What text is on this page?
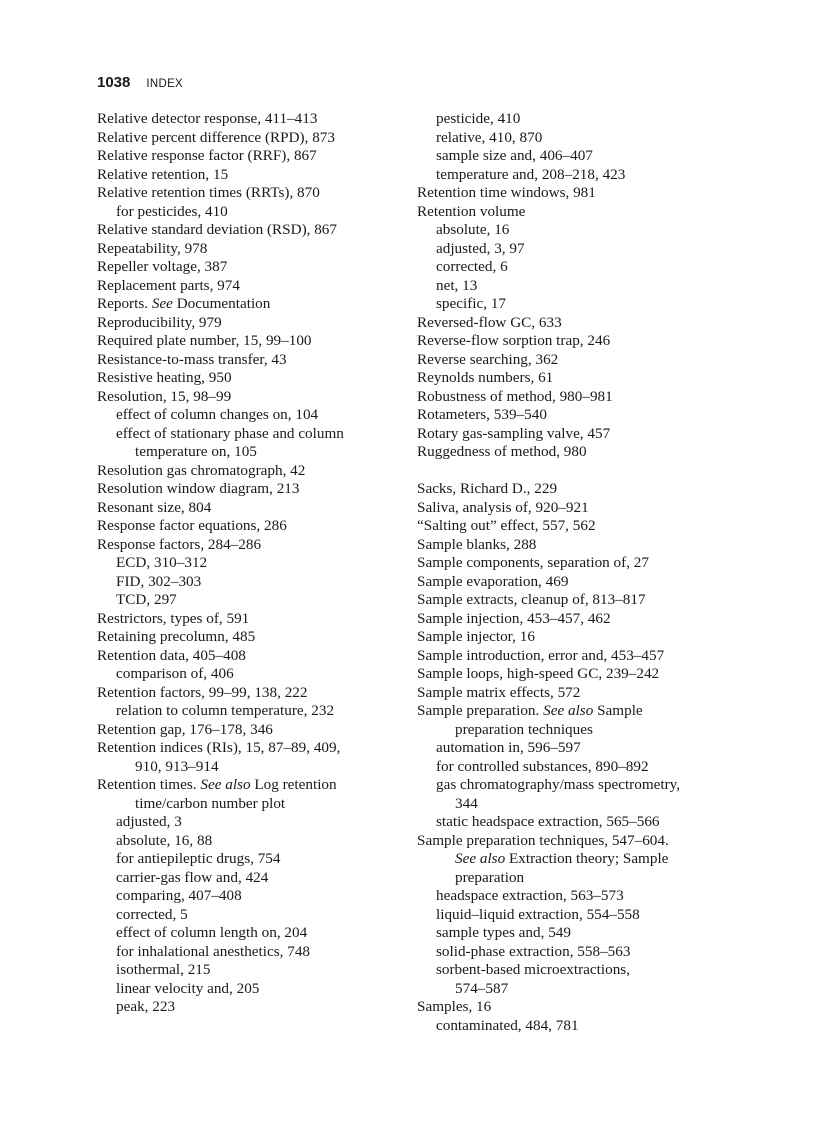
1038 INDEX
Relative detector response, 411–413
Relative percent difference (RPD), 873
Relative response factor (RRF), 867
Relative retention, 15
Relative retention times (RRTs), 870
for pesticides, 410
Relative standard deviation (RSD), 867
Repeatability, 978
Repeller voltage, 387
Replacement parts, 974
Reports. See Documentation
Reproducibility, 979
Required plate number, 15, 99–100
Resistance-to-mass transfer, 43
Resistive heating, 950
Resolution, 15, 98–99
effect of column changes on, 104
effect of stationary phase and column
temperature on, 105
Resolution gas chromatograph, 42
Resolution window diagram, 213
Resonant size, 804
Response factor equations, 286
Response factors, 284–286
ECD, 310–312
FID, 302–303
TCD, 297
Restrictors, types of, 591
Retaining precolumn, 485
Retention data, 405–408
comparison of, 406
Retention factors, 99–99, 138, 222
relation to column temperature, 232
Retention gap, 176–178, 346
Retention indices (RIs), 15, 87–89, 409,
910, 913–914
Retention times. See also Log retention
time/carbon number plot
adjusted, 3
absolute, 16, 88
for antiepileptic drugs, 754
carrier-gas flow and, 424
comparing, 407–408
corrected, 5
effect of column length on, 204
for inhalational anesthetics, 748
isothermal, 215
linear velocity and, 205
peak, 223
pesticide, 410
relative, 410, 870
sample size and, 406–407
temperature and, 208–218, 423
Retention time windows, 981
Retention volume
absolute, 16
adjusted, 3, 97
corrected, 6
net, 13
specific, 17
Reversed-flow GC, 633
Reverse-flow sorption trap, 246
Reverse searching, 362
Reynolds numbers, 61
Robustness of method, 980–981
Rotameters, 539–540
Rotary gas-sampling valve, 457
Ruggedness of method, 980
Sacks, Richard D., 229
Saliva, analysis of, 920–921
“Salting out” effect, 557, 562
Sample blanks, 288
Sample components, separation of, 27
Sample evaporation, 469
Sample extracts, cleanup of, 813–817
Sample injection, 453–457, 462
Sample injector, 16
Sample introduction, error and, 453–457
Sample loops, high-speed GC, 239–242
Sample matrix effects, 572
Sample preparation. See also Sample
preparation techniques
automation in, 596–597
for controlled substances, 890–892
gas chromatography/mass spectrometry,
344
static headspace extraction, 565–566
Sample preparation techniques, 547–604.
See also Extraction theory; Sample
preparation
headspace extraction, 563–573
liquid–liquid extraction, 554–558
sample types and, 549
solid-phase extraction, 558–563
sorbent-based microextractions,
574–587
Samples, 16
contaminated, 484, 781
